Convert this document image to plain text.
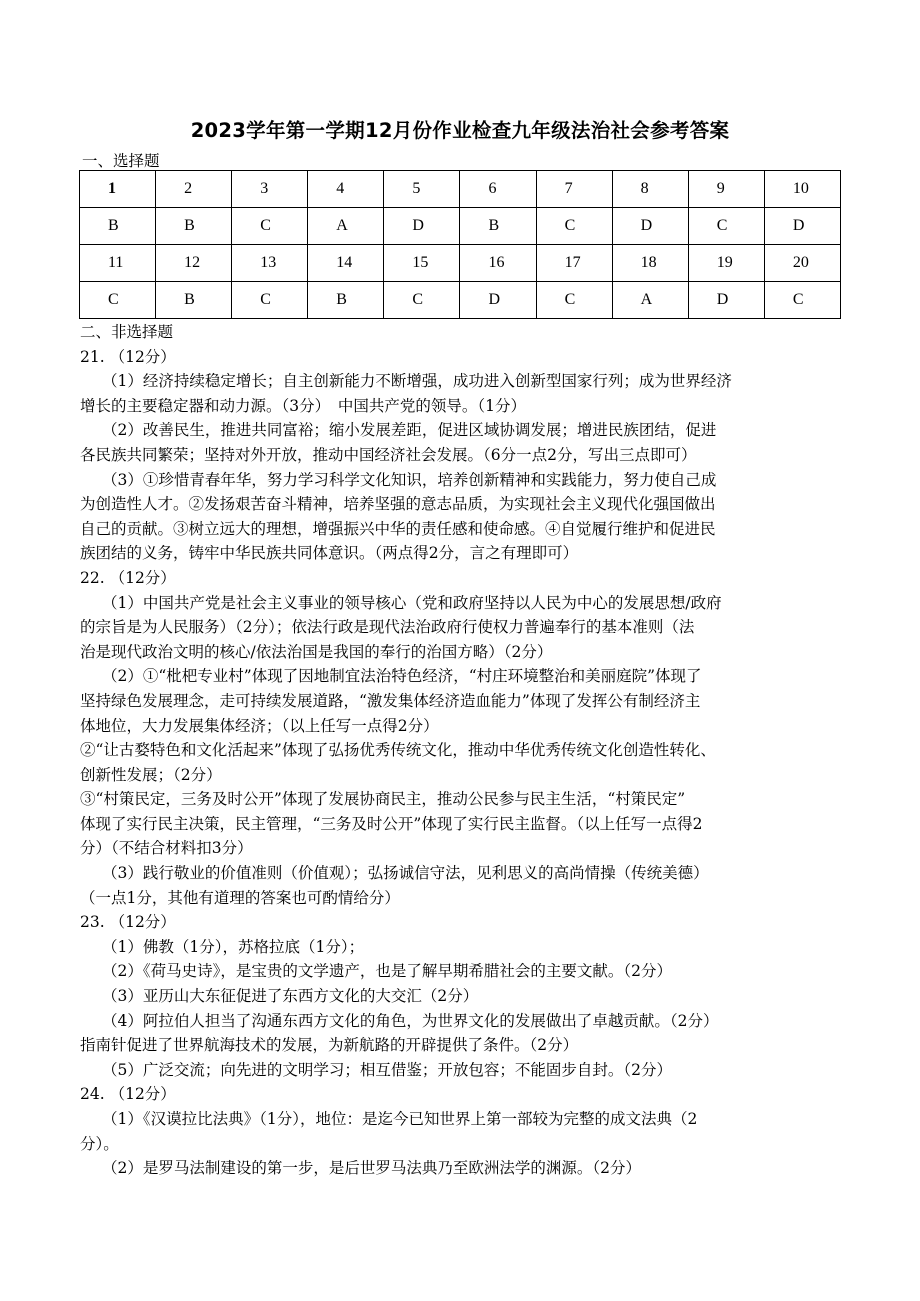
2023学年第一学期12月份作业检查九年级法治社会参考答案
一、选择题
1	2	3	4	5	6	7	8	9	10
B	B	C	A	D	B	C	D	C	D
11	12	13	14	15	16	17	18	19	20
C	B	C	B	C	D	C	A	D	C
二、非选择题
21. （12分）
（1）经济持续稳定增长；自主创新能力不断增强，成功进入创新型国家行列；成为世界经济
增长的主要稳定器和动力源。（3分）　中国共产党的领导。（1分）
（2）改善民生，推进共同富裕；缩小发展差距，促进区域协调发展；增进民族团结，促进
各民族共同繁荣；坚持对外开放，推动中国经济社会发展。（6分一点2分，写出三点即可）
（3）①珍惜青春年华，努力学习科学文化知识，培养创新精神和实践能力，努力使自己成
为创造性人才。②发扬艰苦奋斗精神，培养坚强的意志品质，为实现社会主义现代化强国做出
自己的贡献。③树立远大的理想，增强振兴中华的责任感和使命感。④自觉履行维护和促进民
族团结的义务，铸牢中华民族共同体意识。（两点得2分，言之有理即可）
22. （12分）
（1）中国共产党是社会主义事业的领导核心（党和政府坚持以人民为中心的发展思想/政府
的宗旨是为人民服务）（2分）；依法行政是现代法治政府行使权力普遍奉行的基本准则（法
治是现代政治文明的核心/依法治国是我国的奉行的治国方略）（2分）
（2）①“枇杷专业村”体现了因地制宜法治特色经济，“村庄环境整治和美丽庭院”体现了
坚持绿色发展理念，走可持续发展道路，“激发集体经济造血能力”体现了发挥公有制经济主
体地位，大力发展集体经济；（以上任写一点得2分）
②“让古婺特色和文化活起来”体现了弘扬优秀传统文化，推动中华优秀传统文化创造性转化、
创新性发展；（2分）
③“村策民定，三务及时公开”体现了发展协商民主，推动公民参与民主生活，“村策民定”
体现了实行民主决策，民主管理，“三务及时公开”体现了实行民主监督。（以上任写一点得2
分）（不结合材料扣3分）
（3）践行敬业的价值准则（价值观）；弘扬诚信守法，见利思义的高尚情操（传统美德）
（一点1分，其他有道理的答案也可酌情给分）
23. （12分）
（1）佛教（1分），苏格拉底（1分）；
（2）《荷马史诗》，是宝贵的文学遗产，也是了解早期希腊社会的主要文献。（2分）
（3）亚历山大东征促进了东西方文化的大交汇（2分）
（4）阿拉伯人担当了沟通东西方文化的角色，为世界文化的发展做出了卓越贡献。（2分）
指南针促进了世界航海技术的发展，为新航路的开辟提供了条件。（2分）
（5）广泛交流；向先进的文明学习；相互借鉴；开放包容；不能固步自封。（2分）
24. （12分）
（1）《汉谟拉比法典》（1分），地位：是迄今已知世界上第一部较为完整的成文法典（2
分）。
（2）是罗马法制建设的第一步，是后世罗马法典乃至欧洲法学的渊源。（2分）
